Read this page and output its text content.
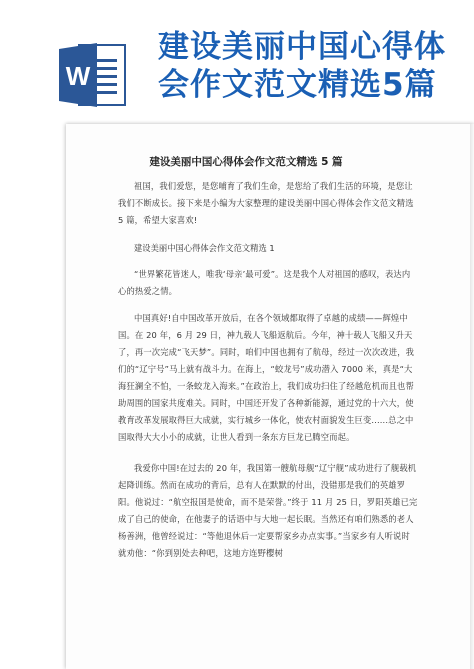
W
建设美丽中国心得体会作文范文精选5篇
建设美丽中国心得体会作文范文精选 5 篇
祖国，我们爱您，是您哺育了我们生命，是您给了我们生活的环境，是您让我们不断成长。接下来是小编为大家整理的建设美丽中国心得体会作文范文精选 5 篇，希望大家喜欢!
建设美丽中国心得体会作文范文精选 1
“世界繁花皆迷人，唯我‘母亲’最可爱”。这是我个人对祖国的感叹，表达内心的热爱之情。
中国真好!自中国改革开放后，在各个领域都取得了卓越的成绩——辉煌中国。在 20 年，6 月 29 日，神九载人飞船返航后。今年，神十载人飞船又升天了，再一次完成“飞天梦”。同时，咱们中国也拥有了航母，经过一次次改进，我们的“辽宁号”马上就有战斗力。在海上，“蛟龙号”成功潜入 7000 米，真是“大海狂澜全不怕，一条蛟龙入海来。”在政治上，我们成功扫住了经越危机而且也帮助周围的国家共度难关。同时，中国还开发了各种新能源，通过党的十六大，使教育改革发展取得巨大成就，实行城乡一体化，使农村面貌发生巨变......总之中国取得大大小小的成就，让世人看到一条东方巨龙已腾空而起。
我爱你中国!在过去的 20 年，我国第一艘航母舰“辽宁舰”成功进行了舰载机起降训练。然而在成功的背后，总有人在默默的付出，没错那是我们的英雄罗阳。他说过：“航空报国是使命，而不是荣誉。”终于 11 月 25 日，罗阳英雄已完成了自己的使命，在他妻子的话语中与大地一起长眠。当然还有咱们熟悉的老人杨善洲，他曾经说过：“等他退休后一定要帮家乡办点实事。”当家乡有人听说时就劝他：“你到别处去种吧，这地方连野樱树
